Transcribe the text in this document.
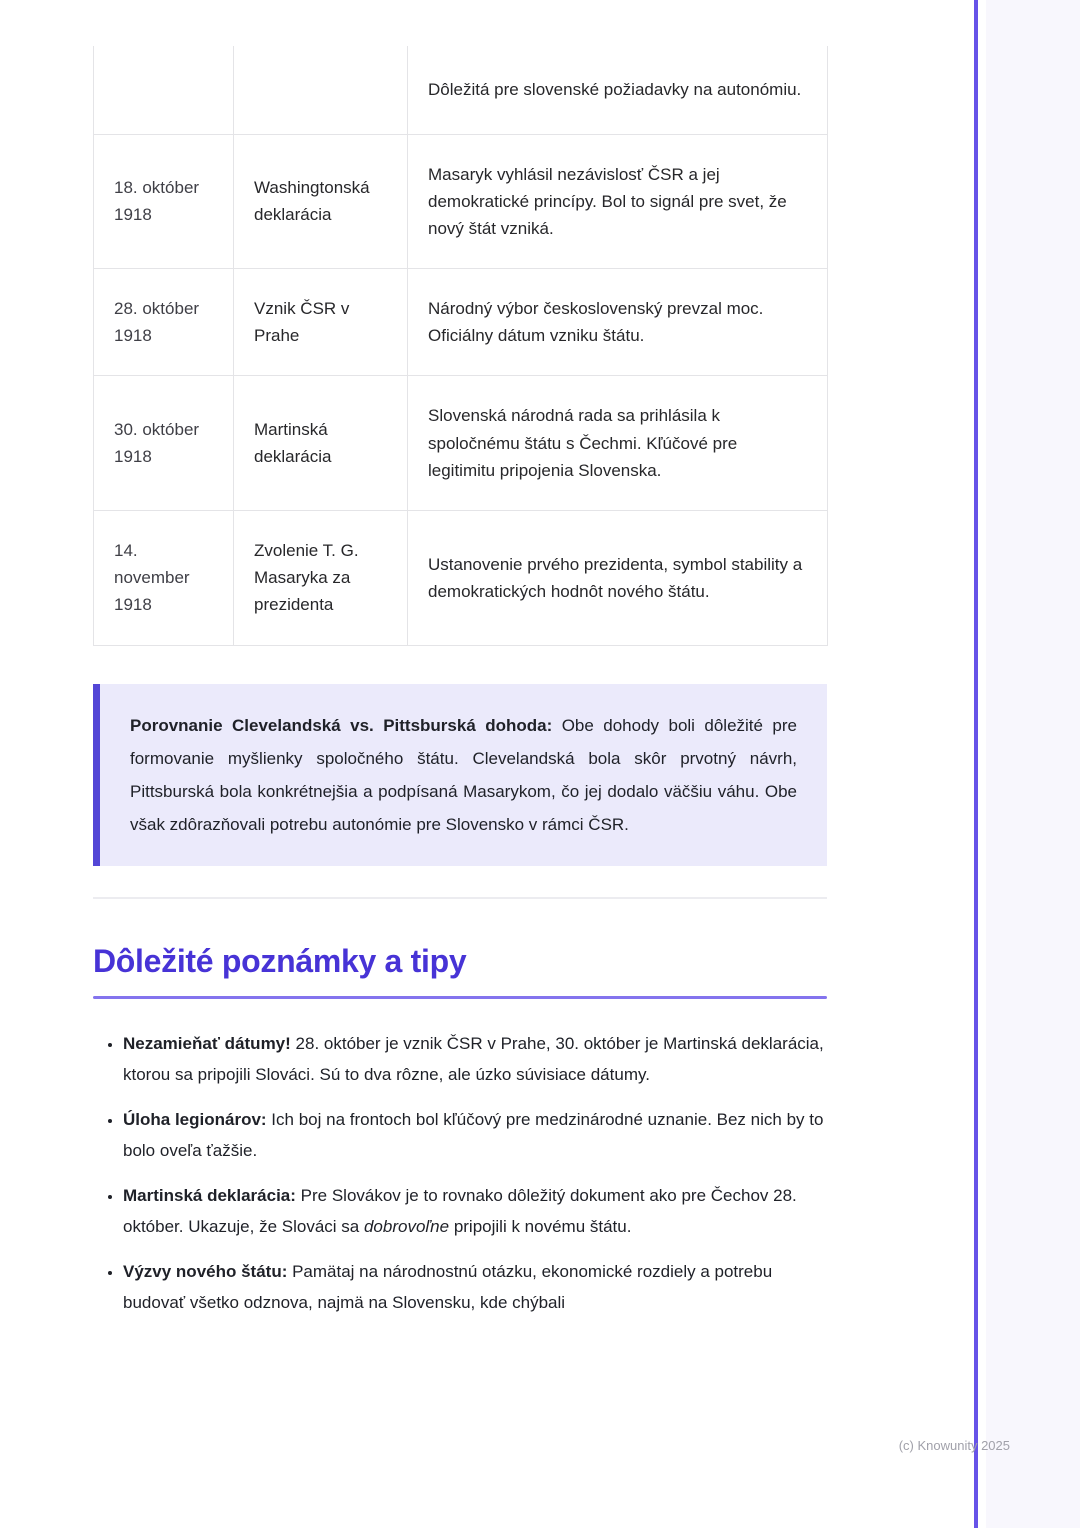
		Dôležitá pre slovenské požiadavky na autonómiu.
18. október 1918	Washingtonská deklarácia	Masaryk vyhlásil nezávislosť ČSR a jej demokratické princípy. Bol to signál pre svet, že nový štát vzniká.
28. október 1918	Vznik ČSR v Prahe	Národný výbor československý prevzal moc. Oficiálny dátum vzniku štátu.
30. október 1918	Martinská deklarácia	Slovenská národná rada sa prihlásila k spoločnému štátu s Čechmi. Kľúčové pre legitimitu pripojenia Slovenska.
14. november 1918	Zvolenie T. G. Masaryka za prezidenta	Ustanovenie prvého prezidenta, symbol stability a demokratických hodnôt nového štátu.

Porovnanie Clevelandská vs. Pittsburská dohoda: Obe dohody boli dôležité pre formovanie myšlienky spoločného štátu. Clevelandská bola skôr prvotný návrh, Pittsburská bola konkrétnejšia a podpísaná Masarykom, čo jej dodalo väčšiu váhu. Obe však zdôrazňovali potrebu autonómie pre Slovensko v rámci ČSR.

Dôležité poznámky a tipy
• Nezamieňať dátumy! 28. október je vznik ČSR v Prahe, 30. október je Martinská deklarácia, ktorou sa pripojili Slováci. Sú to dva rôzne, ale úzko súvisiace dátumy.
• Úloha legionárov: Ich boj na frontoch bol kľúčový pre medzinárodné uznanie. Bez nich by to bolo oveľa ťažšie.
• Martinská deklarácia: Pre Slovákov je to rovnako dôležitý dokument ako pre Čechov 28. október. Ukazuje, že Slováci sa dobrovoľne pripojili k novému štátu.
• Výzvy nového štátu: Pamätaj na národnostnú otázku, ekonomické rozdiely a potrebu budovať všetko odznova, najmä na Slovensku, kde chýbali
(c) Knowunity 2025
